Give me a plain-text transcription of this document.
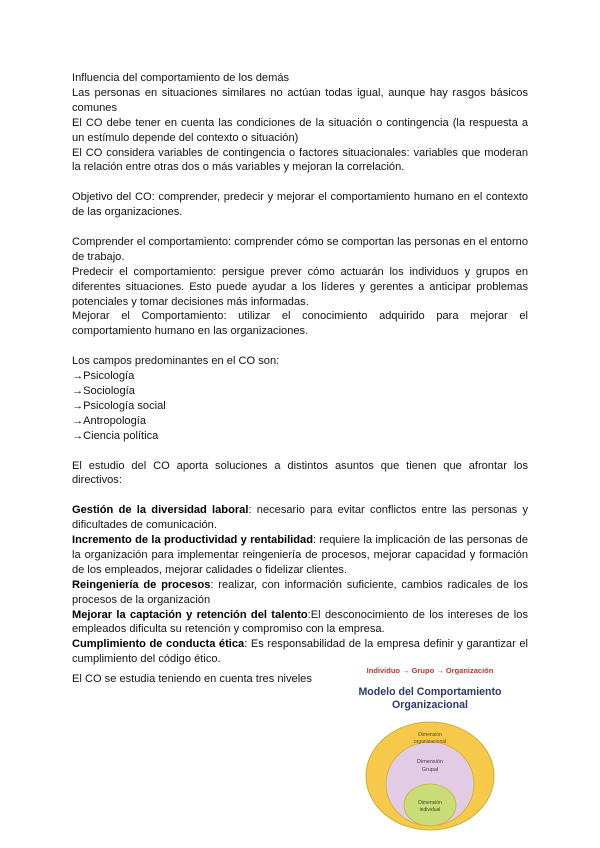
Influencia del comportamiento de los demás

Las personas en situaciones similares no actúan todas igual, aunque hay rasgos básicos comunes

El CO debe tener en cuenta las condiciones de la situación o contingencia (la respuesta a un estímulo depende del contexto o situación)

El CO considera variables de contingencia o factores situacionales: variables que moderan la relación entre otras dos o más variables y mejoran la correlación.

Objetivo del CO: comprender, predecir y mejorar el comportamiento humano en el contexto de las organizaciones.

Comprender el comportamiento: comprender cómo se comportan las personas en el entorno de trabajo.

Predecir el comportamiento: persigue prever cómo actuarán los individuos y grupos en diferentes situaciones. Esto puede ayudar a los líderes y gerentes a anticipar problemas potenciales y tomar decisiones más informadas.

Mejorar el Comportamiento: utilizar el conocimiento adquirido para mejorar el comportamiento humano en las organizaciones.

Los campos predominantes en el CO son:

→Psicología

→Sociología

→Psicología social

→Antropología

→Ciencia política

El estudio del CO aporta soluciones a distintos asuntos que tienen que afrontar los directivos:

Gestión de la diversidad laboral: necesario para evitar conflictos entre las personas y dificultades de comunicación.

Incremento de la productividad y rentabilidad: requiere la implicación de las personas de la organización para implementar reingeniería de procesos, mejorar capacidad y formación de los empleados, mejorar calidades o fidelizar clientes.

Reingeniería de procesos: realizar, con información suficiente, cambios radicales de los procesos de la organización

Mejorar la captación y retención del talento:El desconocimiento de los intereses de los empleados dificulta su retención y compromiso con la empresa.

Cumplimiento de conducta ética: Es responsabilidad de la empresa definir y garantizar el cumplimiento del código ético.

El CO se estudia teniendo en cuenta tres niveles

Individuo → Grupo → Organización
Modelo del Comportamiento
Organizacional
Dimensión
organizacional
Dimensión
Grupal
Dimensión
individual
